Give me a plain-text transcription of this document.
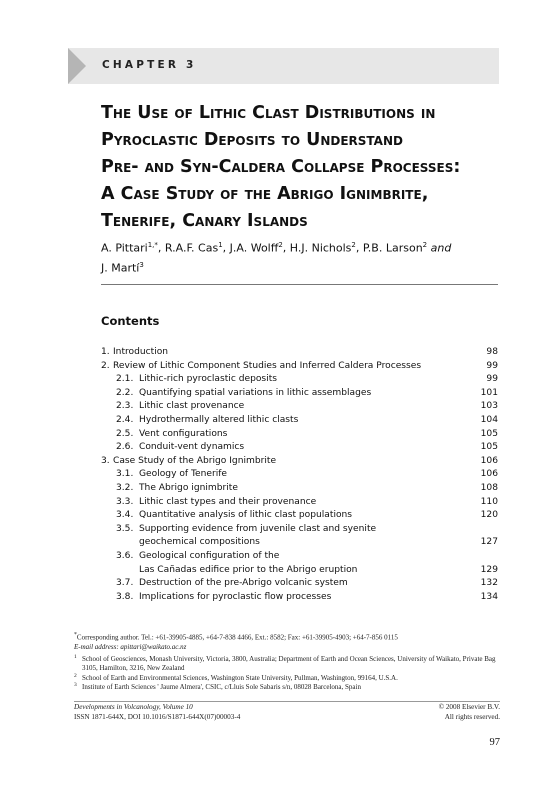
CHAPTER 3
The Use of Lithic Clast Distributions in
Pyroclastic Deposits to Understand
Pre- and Syn-Caldera Collapse Processes:
A Case Study of the Abrigo Ignimbrite,
Tenerife, Canary Islands
A. Pittari$^{1,*}$, R.A.F. Cas$^1$, J.A. Wolff$^2$, H.J. Nichols$^2$, P.B. Larson$^2$ and
J. Martí$^3$
Contents
1. Introduction	98
2. Review of Lithic Component Studies and Inferred Caldera Processes	99
2.1. Lithic-rich pyroclastic deposits	99
2.2. Quantifying spatial variations in lithic assemblages	101
2.3. Lithic clast provenance	103
2.4. Hydrothermally altered lithic clasts	104
2.5. Vent configurations	105
2.6. Conduit-vent dynamics	105
3. Case Study of the Abrigo Ignimbrite	106
3.1. Geology of Tenerife	106
3.2. The Abrigo ignimbrite	108
3.3. Lithic clast types and their provenance	110
3.4. Quantitative analysis of lithic clast populations	120
3.5. Supporting evidence from juvenile clast and syenite
geochemical compositions	127
3.6. Geological configuration of the
Las Cañadas edifice prior to the Abrigo eruption	129
3.7. Destruction of the pre-Abrigo volcanic system	132
3.8. Implications for pyroclastic flow processes	134

*Corresponding author. Tel.: +61-39905-4885, +64-7-838 4466, Ext.: 8582; Fax: +61-39905-4903; +64-7-856 0115
E-mail address: apittari@waikato.ac.nz

1 School of Geosciences, Monash University, Victoria, 3800, Australia; Department of Earth and Ocean Sciences, University of Waikato, Private Bag 3105, Hamilton, 3216, New Zealand

2 School of Earth and Environmental Sciences, Washington State University, Pullman, Washington, 99164, U.S.A.

3 Institute of Earth Sciences ' Jaume Almera', CSIC, c/Lluis Sole Sabaris s/n, 08028 Barcelona, Spain

Developments in Volcanology, Volume 10	© 2008 Elsevier B.V.
ISSN 1871-644X, DOI 10.1016/S1871-644X(07)00003-4	All rights reserved.
97
